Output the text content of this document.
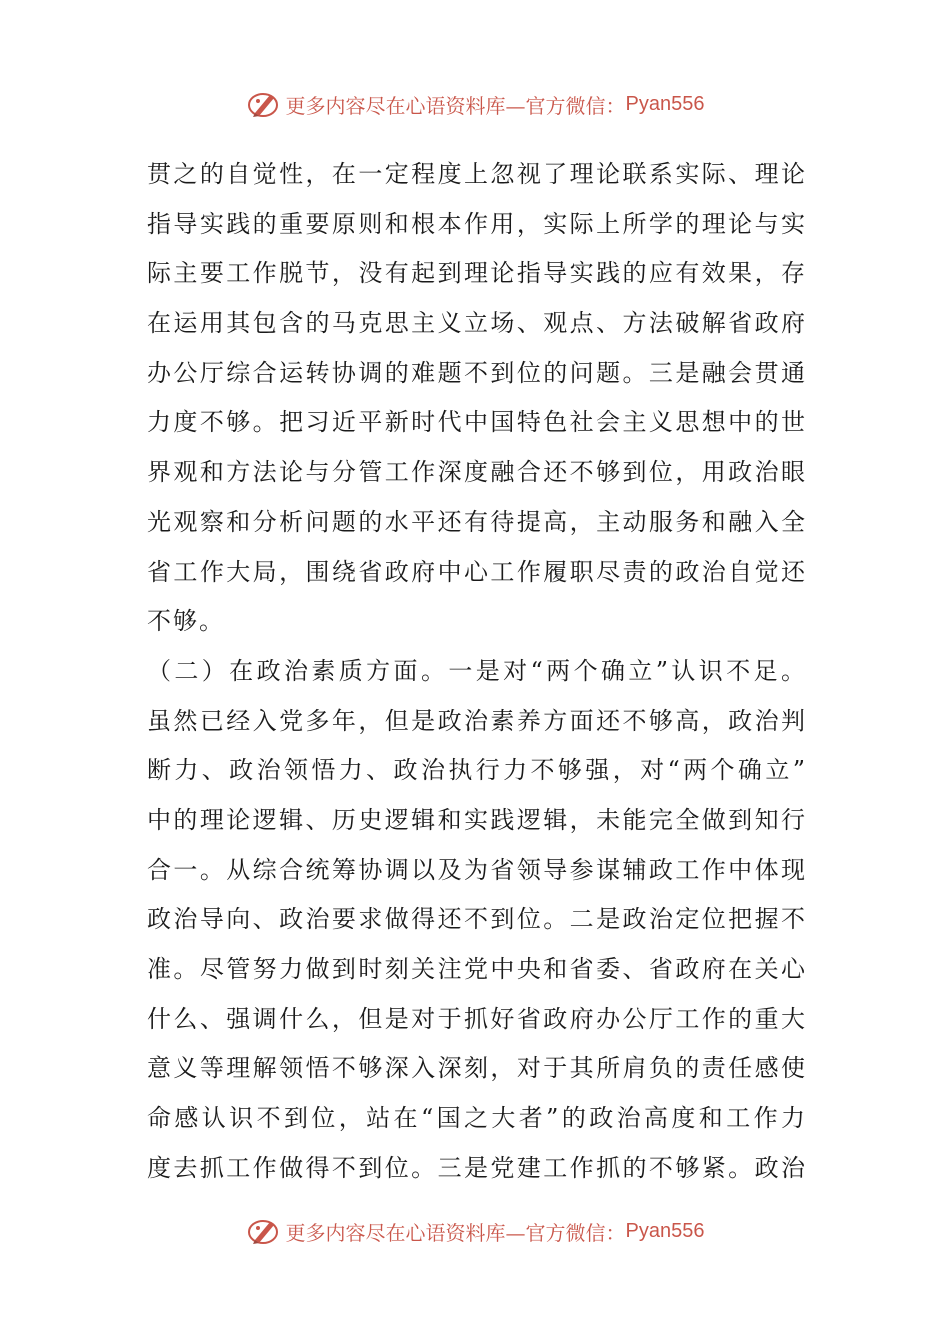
更多内容尽在心语资料库—官方微信： Pyan556
贯之的自觉性，在一定程度上忽视了理论联系实际、理论
指导实践的重要原则和根本作用，实际上所学的理论与实
际主要工作脱节，没有起到理论指导实践的应有效果，存
在运用其包含的马克思主义立场、观点、方法破解省政府
办公厅综合运转协调的难题不到位的问题。三是融会贯通
力度不够。把习近平新时代中国特色社会主义思想中的世
界观和方法论与分管工作深度融合还不够到位，用政治眼
光观察和分析问题的水平还有待提高，主动服务和融入全
省工作大局，围绕省政府中心工作履职尽责的政治自觉还
不够。
（二）在政治素质方面。一是对“两个确立”认识不足。
虽然已经入党多年，但是政治素养方面还不够高，政治判
断力、政治领悟力、政治执行力不够强，对“两个确立”
中的理论逻辑、历史逻辑和实践逻辑，未能完全做到知行
合一。从综合统筹协调以及为省领导参谋辅政工作中体现
政治导向、政治要求做得还不到位。二是政治定位把握不
准。尽管努力做到时刻关注党中央和省委、省政府在关心
什么、强调什么，但是对于抓好省政府办公厅工作的重大
意义等理解领悟不够深入深刻，对于其所肩负的责任感使
命感认识不到位，站在“国之大者”的政治高度和工作力
度去抓工作做得不到位。三是党建工作抓的不够紧。政治
更多内容尽在心语资料库—官方微信： Pyan556
